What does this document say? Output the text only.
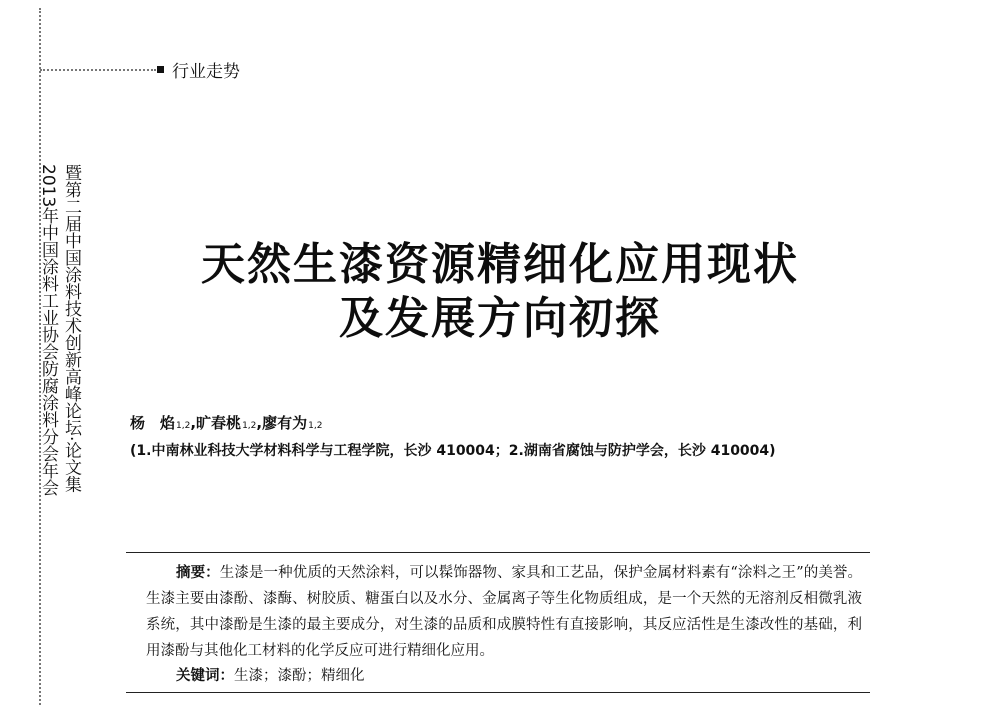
行业走势
暨第二届中国涂料技术创新高峰论坛·论文集
2013年中国涂料工业协会防腐涂料分会年会	天然生漆资源精细化应用现状
及发展方向初探
杨　焰$_{1,2}$ , 旷春桃$_{1,2}$ , 廖有为$_{1,2}$
(1.中南林业科技大学材料科学与工程学院，长沙 410004；2.湖南省腐蚀与防护学会，长沙 410004)

摘要：生漆是一种优质的天然涂料，可以髹饰器物、家具和工艺品，保护金属材料素有“涂料之王”的美誉。生漆主要由漆酚、漆酶、树胶质、糖蛋白以及水分、金属离子等生化物质组成，是一个天然的无溶剂反相微乳液系统，其中漆酚是生漆的最主要成分，对生漆的品质和成膜特性有直接影响，其反应活性是生漆改性的基础，利用漆酚与其他化工材料的化学反应可进行精细化应用。

关键词：生漆；漆酚；精细化
